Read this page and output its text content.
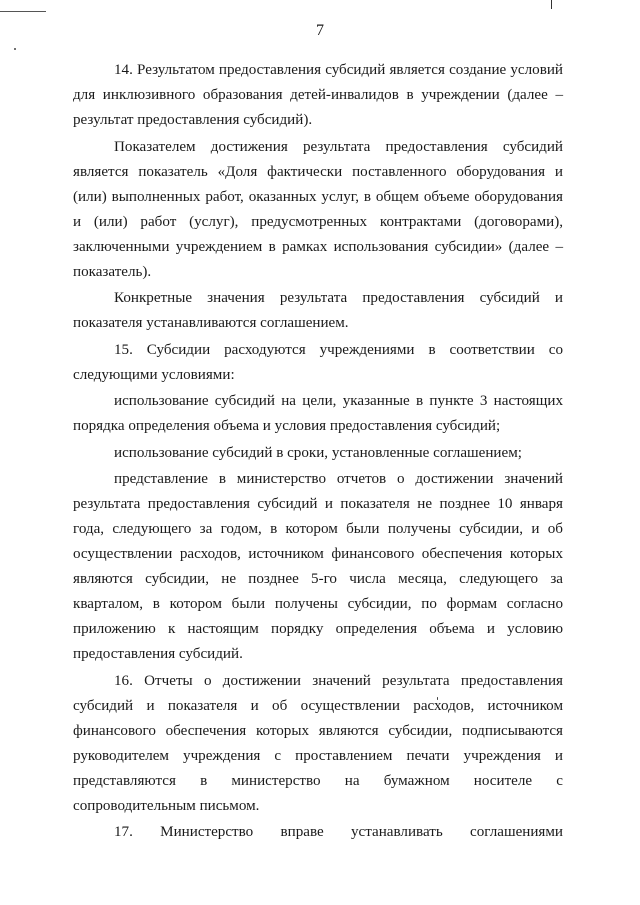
7

14. Результатом предоставления субсидий является создание условий для инклюзивного образования детей-инвалидов в учреждении (далее – результат предоставления субсидий).

Показателем достижения результата предоставления субсидий является показатель «Доля фактически поставленного оборудования и (или) выполненных работ, оказанных услуг, в общем объеме оборудования и (или) работ (услуг), предусмотренных контрактами (договорами), заключенными учреждением в рамках использования субсидии» (далее – показатель).

Конкретные значения результата предоставления субсидий и показателя устанавливаются соглашением.

15. Субсидии расходуются учреждениями в соответствии со следующими условиями:

использование субсидий на цели, указанные в пункте 3 настоящих порядка определения объема и условия предоставления субсидий;

использование субсидий в сроки, установленные соглашением;

представление в министерство отчетов о достижении значений результата предоставления субсидий и показателя не позднее 10 января года, следующего за годом, в котором были получены субсидии, и об осуществлении расходов, источником финансового обеспечения которых являются субсидии, не позднее 5-го числа месяца, следующего за кварталом, в котором были получены субсидии, по формам согласно приложению к настоящим порядку определения объема и условию предоставления субсидий.

16. Отчеты о достижении значений результата предоставления субсидий и показателя и об осуществлении расходов, источником финансового обеспечения которых являются субсидии, подписываются руководителем учреждения с проставлением печати учреждения и представляются в министерство на бумажном носителе с сопроводительным письмом.

17. Министерство вправе устанавливать соглашениями
